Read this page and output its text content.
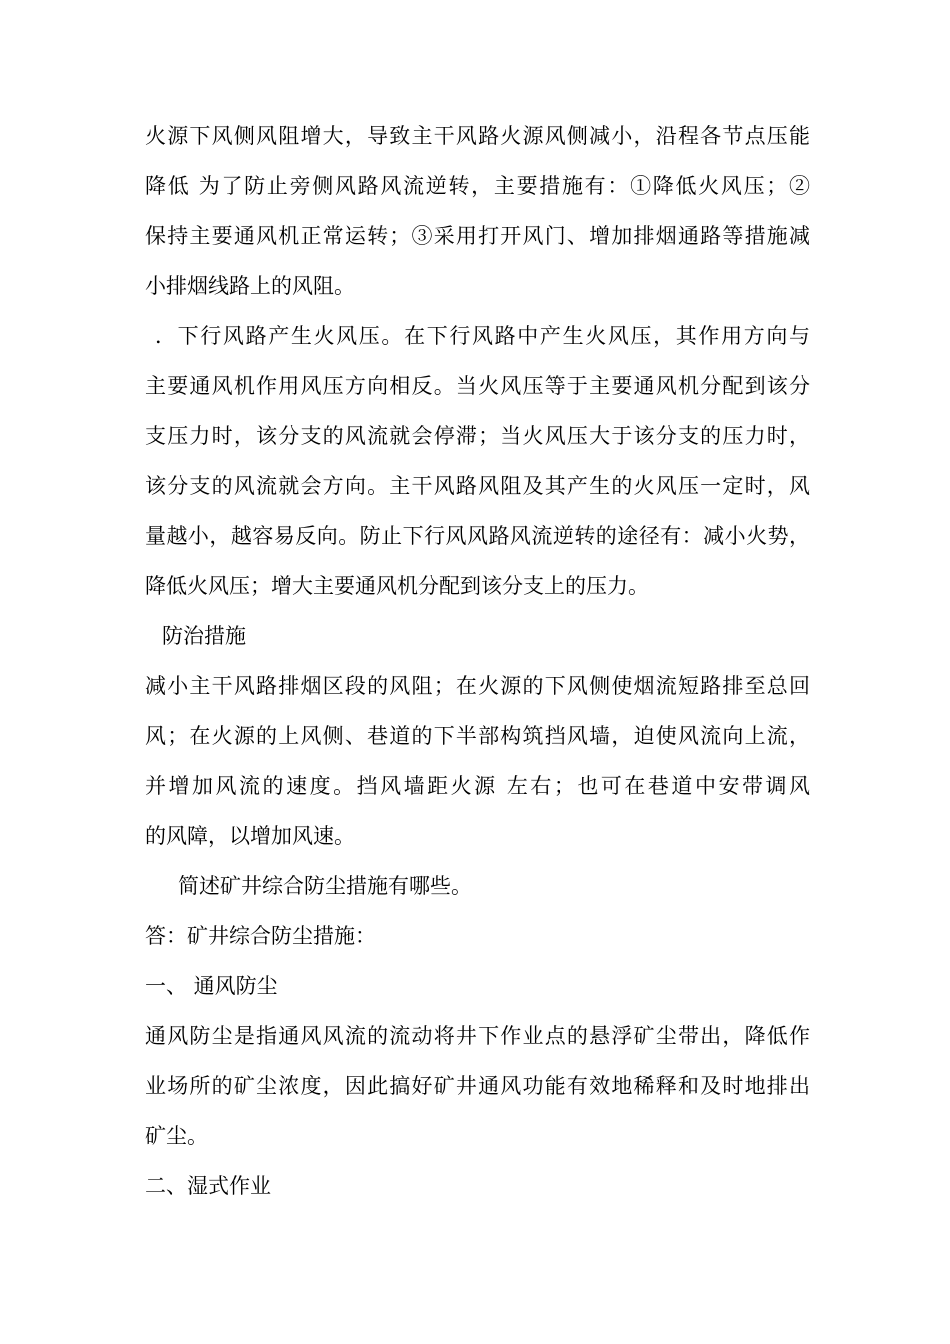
火源下风侧风阻增大，导致主干风路火源风侧减小，沿程各节点压能
降低 为了防止旁侧风路风流逆转，主要措施有：①降低火风压；②
保持主要通风机正常运转；③采用打开风门、增加排烟通路等措施减
小排烟线路上的风阻。
．下行风路产生火风压。在下行风路中产生火风压，其作用方向与
主要通风机作用风压方向相反。当火风压等于主要通风机分配到该分
支压力时，该分支的风流就会停滞；当火风压大于该分支的压力时，
该分支的风流就会方向。主干风路风阻及其产生的火风压一定时，风
量越小，越容易反向。防止下行风风路风流逆转的途径有：减小火势，
降低火风压；增大主要通风机分配到该分支上的压力。
防治措施
减小主干风路排烟区段的风阻；在火源的下风侧使烟流短路排至总回
风；在火源的上风侧、巷道的下半部构筑挡风墙，迫使风流向上流，
并增加风流的速度。挡风墙距火源 左右；也可在巷道中安带调风
的风障，以增加风速。
简述矿井综合防尘措施有哪些。
答：矿井综合防尘措施：
一、 通风防尘
通风防尘是指通风风流的流动将井下作业点的悬浮矿尘带出，降低作
业场所的矿尘浓度，因此搞好矿井通风功能有效地稀释和及时地排出
矿尘。
二、湿式作业
